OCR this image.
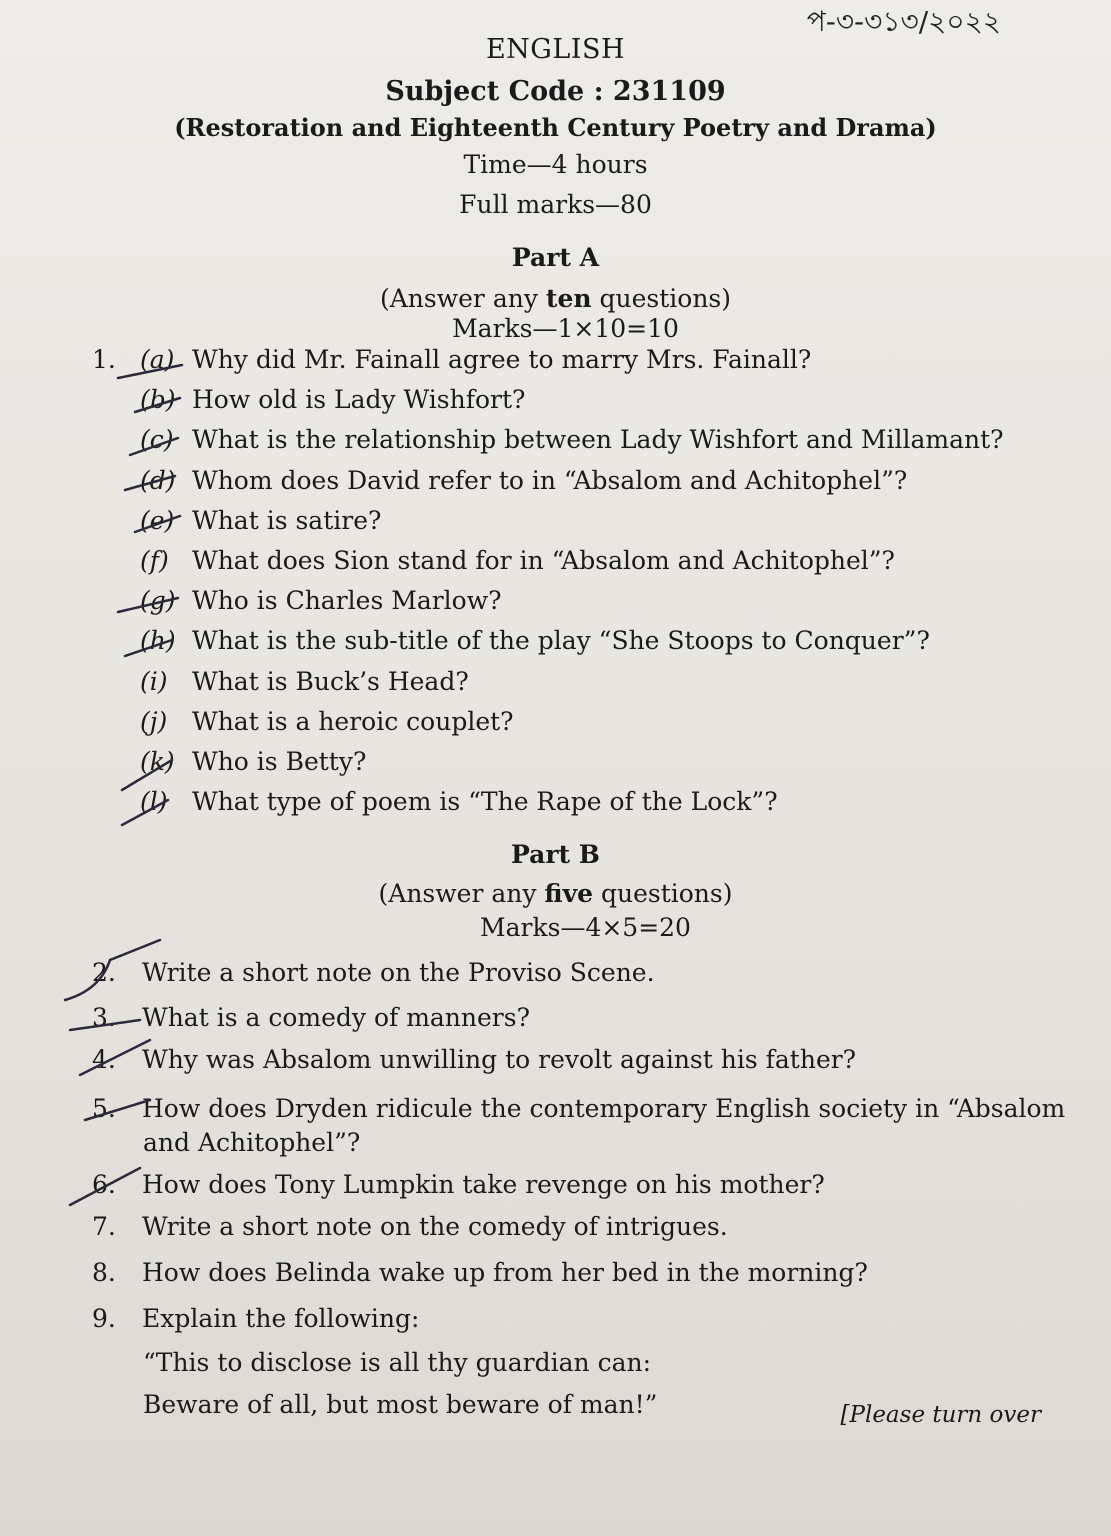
প-৩-৩১৩/২০২২
ENGLISH
Subject Code : 231109
(Restoration and Eighteenth Century Poetry and Drama)
Time—4 hours
Full marks—80
Part A
(Answer any ten questions)
Marks—1×10=10
1. (a) Why did Mr. Fainall agree to marry Mrs. Fainall?
(b) How old is Lady Wishfort?
(c) What is the relationship between Lady Wishfort and Millamant?
(d) Whom does David refer to in “Absalom and Achitophel”?
(e) What is satire?
(f) What does Sion stand for in “Absalom and Achitophel”?
(g) Who is Charles Marlow?
(h) What is the sub-title of the play “She Stoops to Conquer”?
(i) What is Buck’s Head?
(j) What is a heroic couplet?
(k) Who is Betty?
(l) What type of poem is “The Rape of the Lock”?
Part B
(Answer any five questions)
Marks—4×5=20
2. Write a short note on the Proviso Scene.
3. What is a comedy of manners?
4. Why was Absalom unwilling to revolt against his father?
5. How does Dryden ridicule the contemporary English society in “Absalom
and Achitophel”?
6. How does Tony Lumpkin take revenge on his mother?
7. Write a short note on the comedy of intrigues.
8. How does Belinda wake up from her bed in the morning?
9. Explain the following:
“This to disclose is all thy guardian can:
Beware of all, but most beware of man!”	[Please turn over
